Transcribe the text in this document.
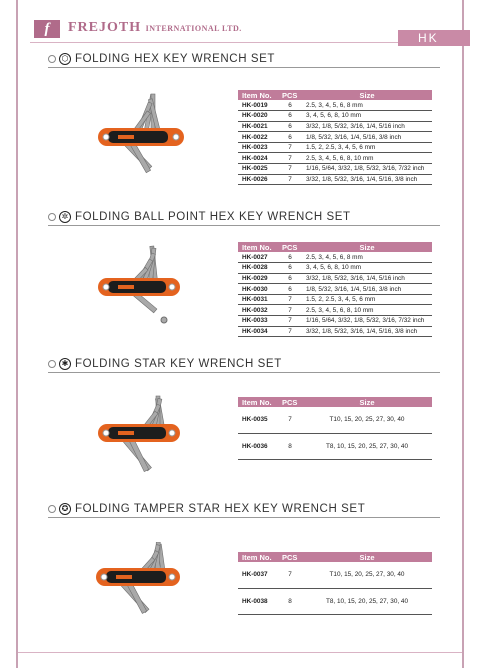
f	FREJOTH INTERNATIONAL LTD.
HK
⬡ FOLDING HEX KEY WRENCH SET
Item No.	PCS	Size
HK-0019	6	2.5, 3, 4, 5, 6, 8 mm
HK-0020	6	3, 4, 5, 6, 8, 10 mm
HK-0021	6	3/32, 1/8, 5/32, 3/16, 1/4, 5/16 inch
HK-0022	6	1/8, 5/32, 3/16, 1/4, 5/16, 3/8 inch
HK-0023	7	1.5, 2, 2.5, 3, 4, 5, 6 mm
HK-0024	7	2.5, 3, 4, 5, 6, 8, 10 mm
HK-0025	7	1/16, 5/64, 3/32, 1/8, 5/32, 3/16, 7/32 inch
HK-0026	7	3/32, 1/8, 5/32, 3/16, 1/4, 5/16, 3/8 inch
✲ FOLDING BALL POINT HEX KEY WRENCH SET
Item No.	PCS	Size
HK-0027	6	2.5, 3, 4, 5, 6, 8 mm
HK-0028	6	3, 4, 5, 6, 8, 10 mm
HK-0029	6	3/32, 1/8, 5/32, 3/16, 1/4, 5/16 inch
HK-0030	6	1/8, 5/32, 3/16, 1/4, 5/16, 3/8 inch
HK-0031	7	1.5, 2, 2.5, 3, 4, 5, 6 mm
HK-0032	7	2.5, 3, 4, 5, 6, 8, 10 mm
HK-0033	7	1/16, 5/64, 3/32, 1/8, 5/32, 3/16, 7/32 inch
HK-0034	7	3/32, 1/8, 5/32, 3/16, 1/4, 5/16, 3/8 inch
✱ FOLDING STAR KEY WRENCH SET
Item No.	PCS	Size
HK-0035	7	T10, 15, 20, 25, 27, 30, 40
HK-0036	8	T8, 10, 15, 20, 25, 27, 30, 40
✪ FOLDING TAMPER STAR HEX KEY WRENCH SET
Item No.	PCS	Size
HK-0037	7	T10, 15, 20, 25, 27, 30, 40
HK-0038	8	T8, 10, 15, 20, 25, 27, 30, 40
